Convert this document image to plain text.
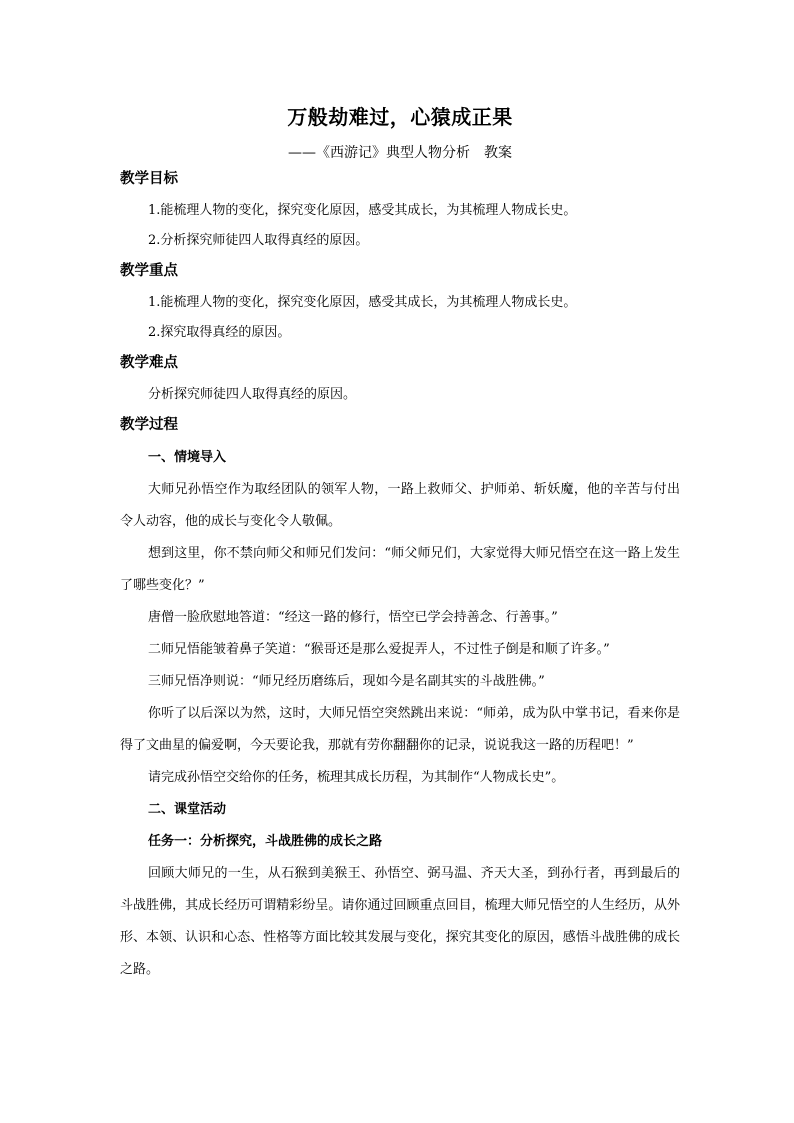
万般劫难过，心猿成正果
——《西游记》典型人物分析　教案
教学目标

1.能梳理人物的变化，探究变化原因，感受其成长，为其梳理人物成长史。

2.分析探究师徒四人取得真经的原因。

教学重点

1.能梳理人物的变化，探究变化原因，感受其成长，为其梳理人物成长史。

2.探究取得真经的原因。

教学难点

分析探究师徒四人取得真经的原因。

教学过程

一、情境导入

大师兄孙悟空作为取经团队的领军人物，一路上救师父、护师弟、斩妖魔，他的辛苦与付出令人动容，他的成长与变化令人敬佩。

想到这里，你不禁向师父和师兄们发问：“师父师兄们，大家觉得大师兄悟空在这一路上发生了哪些变化？”

唐僧一脸欣慰地答道：“经这一路的修行，悟空已学会持善念、行善事。”

二师兄悟能皱着鼻子笑道：“猴哥还是那么爱捉弄人，不过性子倒是和顺了许多。”

三师兄悟净则说：“师兄经历磨练后，现如今是名副其实的斗战胜佛。”

你听了以后深以为然，这时，大师兄悟空突然跳出来说：“师弟，成为队中掌书记，看来你是得了文曲星的偏爱啊，今天要论我，那就有劳你翻翻你的记录，说说我这一路的历程吧！”

请完成孙悟空交给你的任务，梳理其成长历程，为其制作“人物成长史”。

二、课堂活动

任务一：分析探究，斗战胜佛的成长之路

回顾大师兄的一生，从石猴到美猴王、孙悟空、弼马温、齐天大圣，到孙行者，再到最后的斗战胜佛，其成长经历可谓精彩纷呈。请你通过回顾重点回目，梳理大师兄悟空的人生经历，从外形、本领、认识和心态、性格等方面比较其发展与变化，探究其变化的原因，感悟斗战胜佛的成长之路。
